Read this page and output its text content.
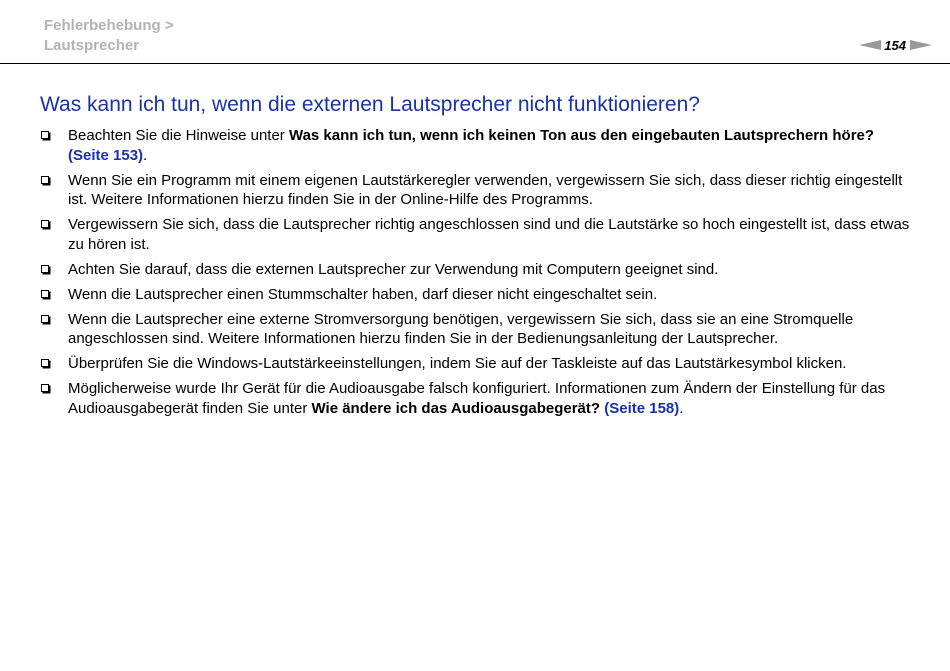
Fehlerbehebung >
Lautsprecher	154
Was kann ich tun, wenn die externen Lautsprecher nicht funktionieren?
Beachten Sie die Hinweise unter Was kann ich tun, wenn ich keinen Ton aus den eingebauten Lautsprechern höre? (Seite 153).
Wenn Sie ein Programm mit einem eigenen Lautstärkeregler verwenden, vergewissern Sie sich, dass dieser richtig eingestellt ist. Weitere Informationen hierzu finden Sie in der Online-Hilfe des Programms.
Vergewissern Sie sich, dass die Lautsprecher richtig angeschlossen sind und die Lautstärke so hoch eingestellt ist, dass etwas zu hören ist.
Achten Sie darauf, dass die externen Lautsprecher zur Verwendung mit Computern geeignet sind.
Wenn die Lautsprecher einen Stummschalter haben, darf dieser nicht eingeschaltet sein.
Wenn die Lautsprecher eine externe Stromversorgung benötigen, vergewissern Sie sich, dass sie an eine Stromquelle angeschlossen sind. Weitere Informationen hierzu finden Sie in der Bedienungsanleitung der Lautsprecher.
Überprüfen Sie die Windows-Lautstärkeeinstellungen, indem Sie auf der Taskleiste auf das Lautstärkesymbol klicken.
Möglicherweise wurde Ihr Gerät für die Audioausgabe falsch konfiguriert. Informationen zum Ändern der Einstellung für das Audioausgabegerät finden Sie unter Wie ändere ich das Audioausgabegerät? (Seite 158).
